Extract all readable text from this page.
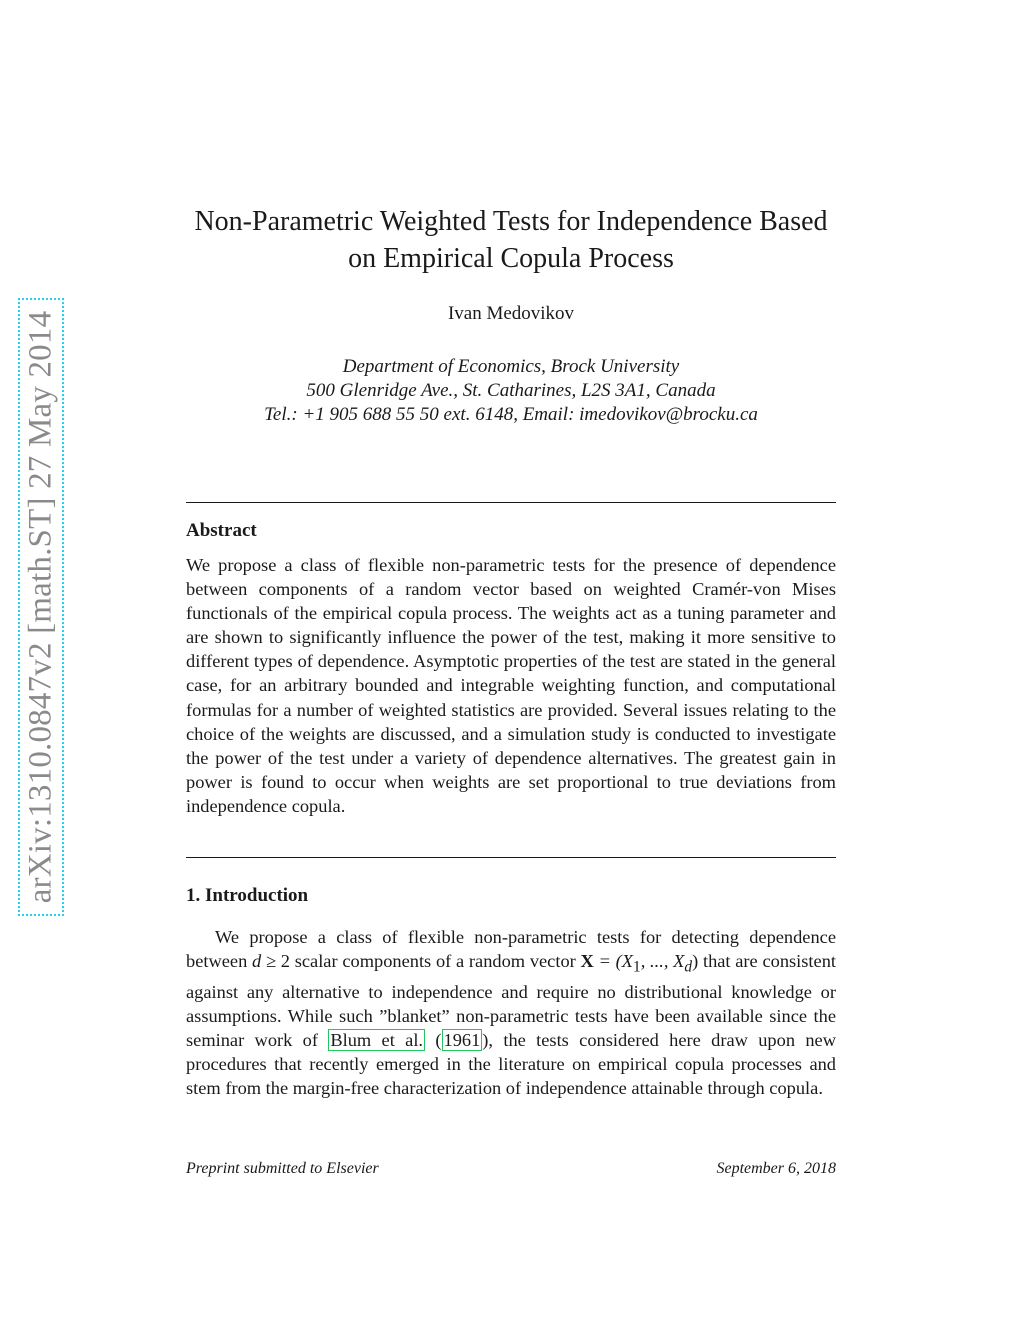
arXiv:1310.0847v2 [math.ST] 27 May 2014
Non-Parametric Weighted Tests for Independence Based
on Empirical Copula Process
Ivan Medovikov
Department of Economics, Brock University
500 Glenridge Ave., St. Catharines, L2S 3A1, Canada
Tel.: +1 905 688 55 50 ext. 6148, Email: imedovikov@brocku.ca
Abstract

We propose a class of flexible non-parametric tests for the presence of dependence between components of a random vector based on weighted Cramér-von Mises functionals of the empirical copula process. The weights act as a tuning parameter and are shown to significantly influence the power of the test, making it more sensitive to different types of dependence. Asymptotic properties of the test are stated in the general case, for an arbitrary bounded and integrable weighting function, and computational formulas for a number of weighted statistics are provided. Several issues relating to the choice of the weights are discussed, and a simulation study is conducted to investigate the power of the test under a variety of dependence alternatives. The greatest gain in power is found to occur when weights are set proportional to true deviations from independence copula.

1. Introduction

We propose a class of flexible non-parametric tests for detecting dependence between d ≥ 2 scalar components of a random vector $X = (X_1$, ..., $X_d$) that are consistent against any alternative to independence and require no distributional knowledge or assumptions. While such ”blanket” non-parametric tests have been available since the seminar work of Blum et al. ( 1961 ), the tests considered here draw upon new procedures that recently emerged in the literature on empirical copula processes and stem from the margin-free characterization of independence attainable through copula.

Preprint submitted to Elsevier	September 6, 2018
